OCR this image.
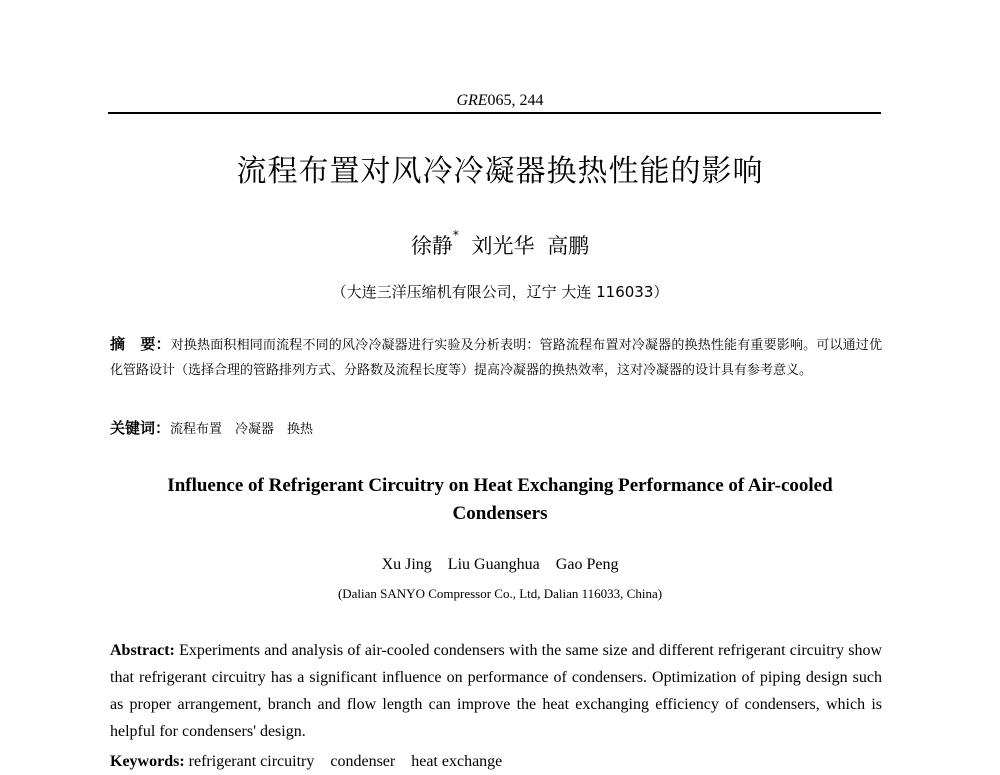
GRE065, 244
流程布置对风冷冷凝器换热性能的影响
徐静* 刘光华 高鹏
（大连三洋压缩机有限公司，辽宁 大连 116033）
摘　要：对换热面积相同而流程不同的风冷冷凝器进行实验及分析表明：管路流程布置对冷凝器的换热性能有重要影响。可以通过优化管路设计（选择合理的管路排列方式、分路数及流程长度等）提高冷凝器的换热效率，这对冷凝器的设计具有参考意义。
关键词：流程布置　冷凝器　换热
Influence of Refrigerant Circuitry on Heat Exchanging Performance of Air-cooled Condensers
Xu Jing Liu Guanghua Gao Peng
(Dalian SANYO Compressor Co., Ltd, Dalian 116033, China)
Abstract: Experiments and analysis of air-cooled condensers with the same size and different refrigerant circuitry show that refrigerant circuitry has a significant influence on performance of condensers. Optimization of piping design such as proper arrangement, branch and flow length can improve the heat exchanging efficiency of condensers, which is helpful for condensers' design.
Keywords: refrigerant circuitry　condenser　heat exchange
